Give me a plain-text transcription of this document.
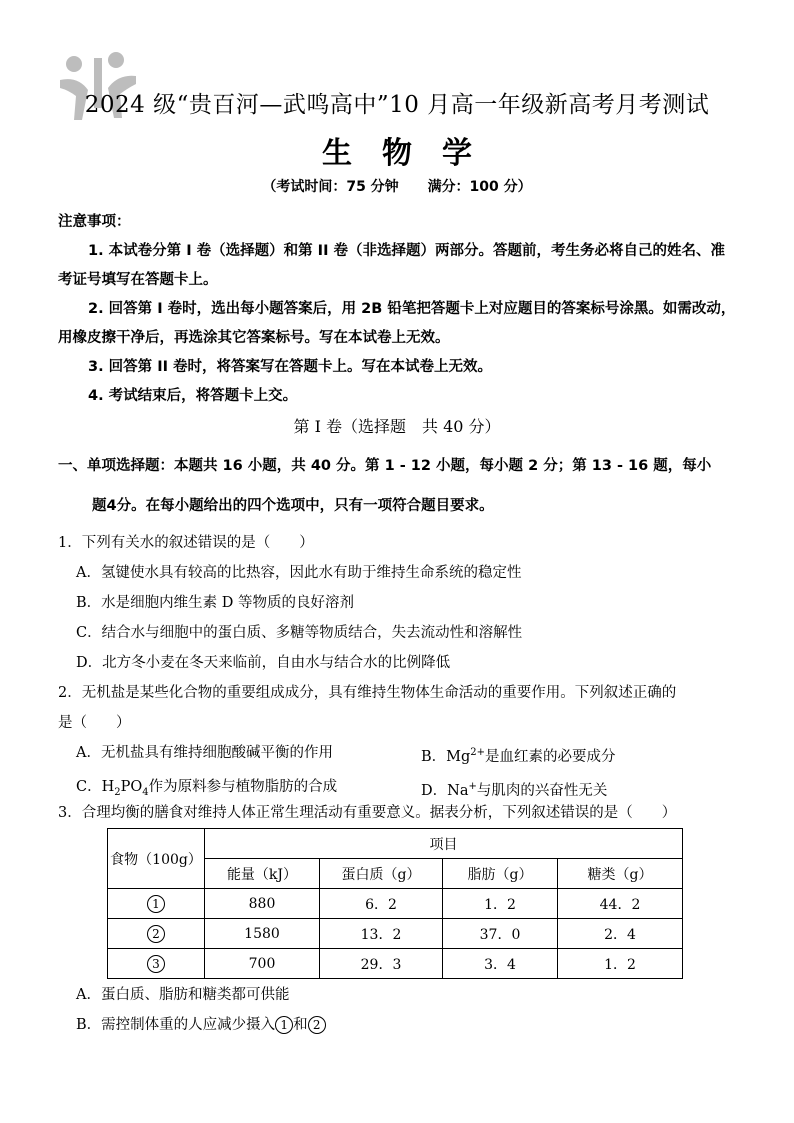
2024 级“贵百河—武鸣高中”10 月高一年级新高考月考测试
生物学
（考试时间：75 分钟 满分：100 分）
注意事项：
1. 本试卷分第 I 卷（选择题）和第 II 卷（非选择题）两部分。答题前，考生务必将自己的姓名、准考证号填写在答题卡上。
2. 回答第 I 卷时，选出每小题答案后，用 2B 铅笔把答题卡上对应题目的答案标号涂黑。如需改动，用橡皮擦干净后，再选涂其它答案标号。写在本试卷上无效。
3. 回答第 II 卷时，将答案写在答题卡上。写在本试卷上无效。
4. 考试结束后，将答题卡上交。
第 I 卷（选择题　共 40 分）
一、单项选择题：本题共 16 小题，共 40 分。第 1 - 12 小题，每小题 2 分；第 13 - 16 题，每小
题4分。在每小题给出的四个选项中，只有一项符合题目要求。
1．下列有关水的叙述错误的是（　　）
A．氢键使水具有较高的比热容，因此水有助于维持生命系统的稳定性
B．水是细胞内维生素 D 等物质的良好溶剂
C．结合水与细胞中的蛋白质、多糖等物质结合，失去流动性和溶解性
D．北方冬小麦在冬天来临前，自由水与结合水的比例降低
2．无机盐是某些化合物的重要组成成分，具有维持生物体生命活动的重要作用。下列叙述正确的
是（　　）
A．无机盐具有维持细胞酸碱平衡的作用	B．$Mg^{2+}$是血红素的必要成分
C．$H_2PO_4$作为原料参与植物脂肪的合成	D．Na+与肌肉的兴奋性无关
3．合理均衡的膳食对维持人体正常生理活动有重要意义。据表分析，下列叙述错误的是（　　）
食物（100g）	项目			
	能量（kJ）	蛋白质（g）	脂肪（g）	糖类（g）
1	880	6．2	1．2	44．2
2	1580	13．2	37．0	2．4
3	700	29．3	3．4	1．2
A．蛋白质、脂肪和糖类都可供能
B．需控制体重的人应减少摄入 1 和 2
